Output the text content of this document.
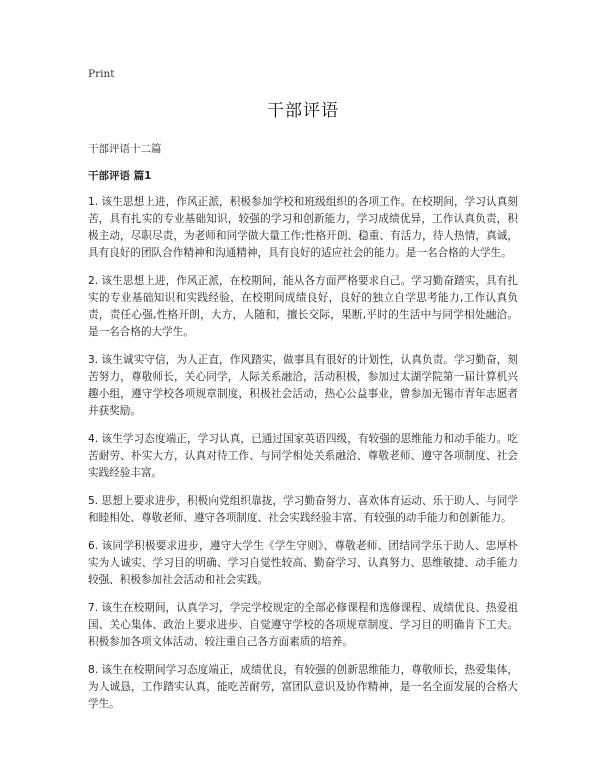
Print
干部评语

干部评语十二篇

干部评语 篇1

1. 该生思想上进，作风正派，积极参加学校和班级组织的各项工作。在校期间，学习认真刻苦，具有扎实的专业基础知识，较强的学习和创新能力，学习成绩优异，工作认真负责，积极主动，尽职尽责，为老师和同学做大量工作;性格开朗、稳重、有活力，待人热情，真诚，具有良好的团队合作精神和沟通精神，具有良好的适应社会的能力。是一名合格的大学生。

2. 该生思想上进，作风正派，在校期间，能从各方面严格要求自己。学习勤奋踏实，具有扎实的专业基础知识和实践经验，在校期间成绩良好，良好的独立自学思考能力,工作认真负责，责任心强,性格开朗，大方，人随和，擅长交际，果断,平时的生活中与同学相处融洽。是一名合格的大学生。

3. 该生诚实守信，为人正直，作风踏实，做事具有很好的计划性，认真负责。学习勤奋，刻苦努力，尊敬师长，关心同学，人际关系融洽，活动积极，参加过太湖学院第一届计算机兴趣小组，遵守学校各项规章制度，积极社会活动，热心公益事业，曾参加无锡市青年志愿者并获奖励。

4. 该生学习态度端正，学习认真，已通过国家英语四级，有较强的思维能力和动手能力。吃苦耐劳、朴实大方，认真对待工作、与同学相处关系融洽、尊敬老师、遵守各项制度、社会实践经验丰富。

5. 思想上要求进步，积极向党组织靠拢，学习勤奋努力、喜欢体育运动、乐于助人、与同学和睦相处、尊敬老师、遵守各项制度、社会实践经验丰富、有较强的动手能力和创新能力。

6. 该同学积极要求进步，遵守大学生《学生守则》、尊敬老师、团结同学乐于助人、忠厚朴实为人诚实、学习目的明确、学习自觉性较高、勤奋学习、认真努力、思维敏捷、动手能力较强、积极参加社会活动和社会实践。

7. 该生在校期间，认真学习，学完学校规定的全部必修课程和选修课程、成绩优良、热爱祖国、关心集体、政治上要求进步、自觉遵守学校的各项规章制度、学习目的明确肯下工夫。积极参加各项文体活动、较注重自己各方面素质的培养。

8. 该生在校期间学习态度端正，成绩优良，有较强的创新思维能力，尊敬师长，热爱集体，为人诚恳，工作踏实认真，能吃苦耐劳，富团队意识及协作精神，是一名全面发展的合格大学生。
